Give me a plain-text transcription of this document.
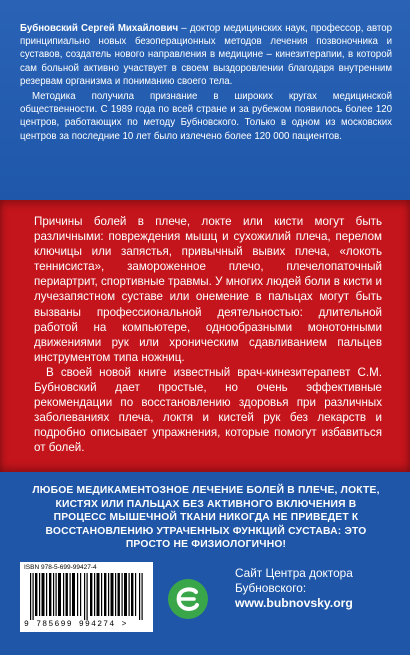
Бубновский Сергей Михайлович – доктор медицинских наук, профессор, автор принципиально новых безоперационных методов лечения позвоночника и суставов, создатель нового направления в медицине – кинезитерапии, в которой сам больной активно участвует в своем выздоровлении благодаря внутренним резервам организма и пониманию своего тела.

Методика получила признание в широких кругах медицинской общественности. С 1989 года по всей стране и за рубежом появилось более 120 центров, работающих по методу Бубновского. Только в одном из московских центров за последние 10 лет было излечено более 120 000 пациентов.

Причины болей в плече, локте или кисти могут быть различными: повреждения мышц и сухожилий плеча, перелом ключицы или запястья, привычный вывих плеча, «локоть теннисиста», замороженное плечо, плечелопаточный периартрит, спортивные травмы. У многих людей боли в кисти и лучезапястном суставе или онемение в пальцах могут быть вызваны профессиональной деятельностью: длительной работой на компьютере, однообразными монотонными движениями рук или хроническим сдавливанием пальцев инструментом типа ножниц.

В своей новой книге известный врач-кинезитерапевт С.М. Бубновский дает простые, но очень эффективные рекомендации по восстановлению здоровья при различных заболеваниях плеча, локтя и кистей рук без лекарств и подробно описывает упражнения, которые помогут избавиться от болей.

ЛЮБОЕ МЕДИКАМЕНТОЗНОЕ ЛЕЧЕНИЕ БОЛЕЙ В ПЛЕЧЕ, ЛОКТЕ, КИСТЯХ ИЛИ ПАЛЬЦАХ БЕЗ АКТИВНОГО ВКЛЮЧЕНИЯ В ПРОЦЕСС МЫШЕЧНОЙ ТКАНИ НИКОГДА НЕ ПРИВЕДЕТ К ВОССТАНОВЛЕНИЮ УТРАЧЕННЫХ ФУНКЦИЙ СУСТАВА: ЭТО ПРОСТО НЕ ФИЗИОЛОГИЧНО!
ISBN 978-5-699-99427-4
9 785699 994274 >
Сайт Центра доктора
Бубновского:
www.bubnovsky.org
